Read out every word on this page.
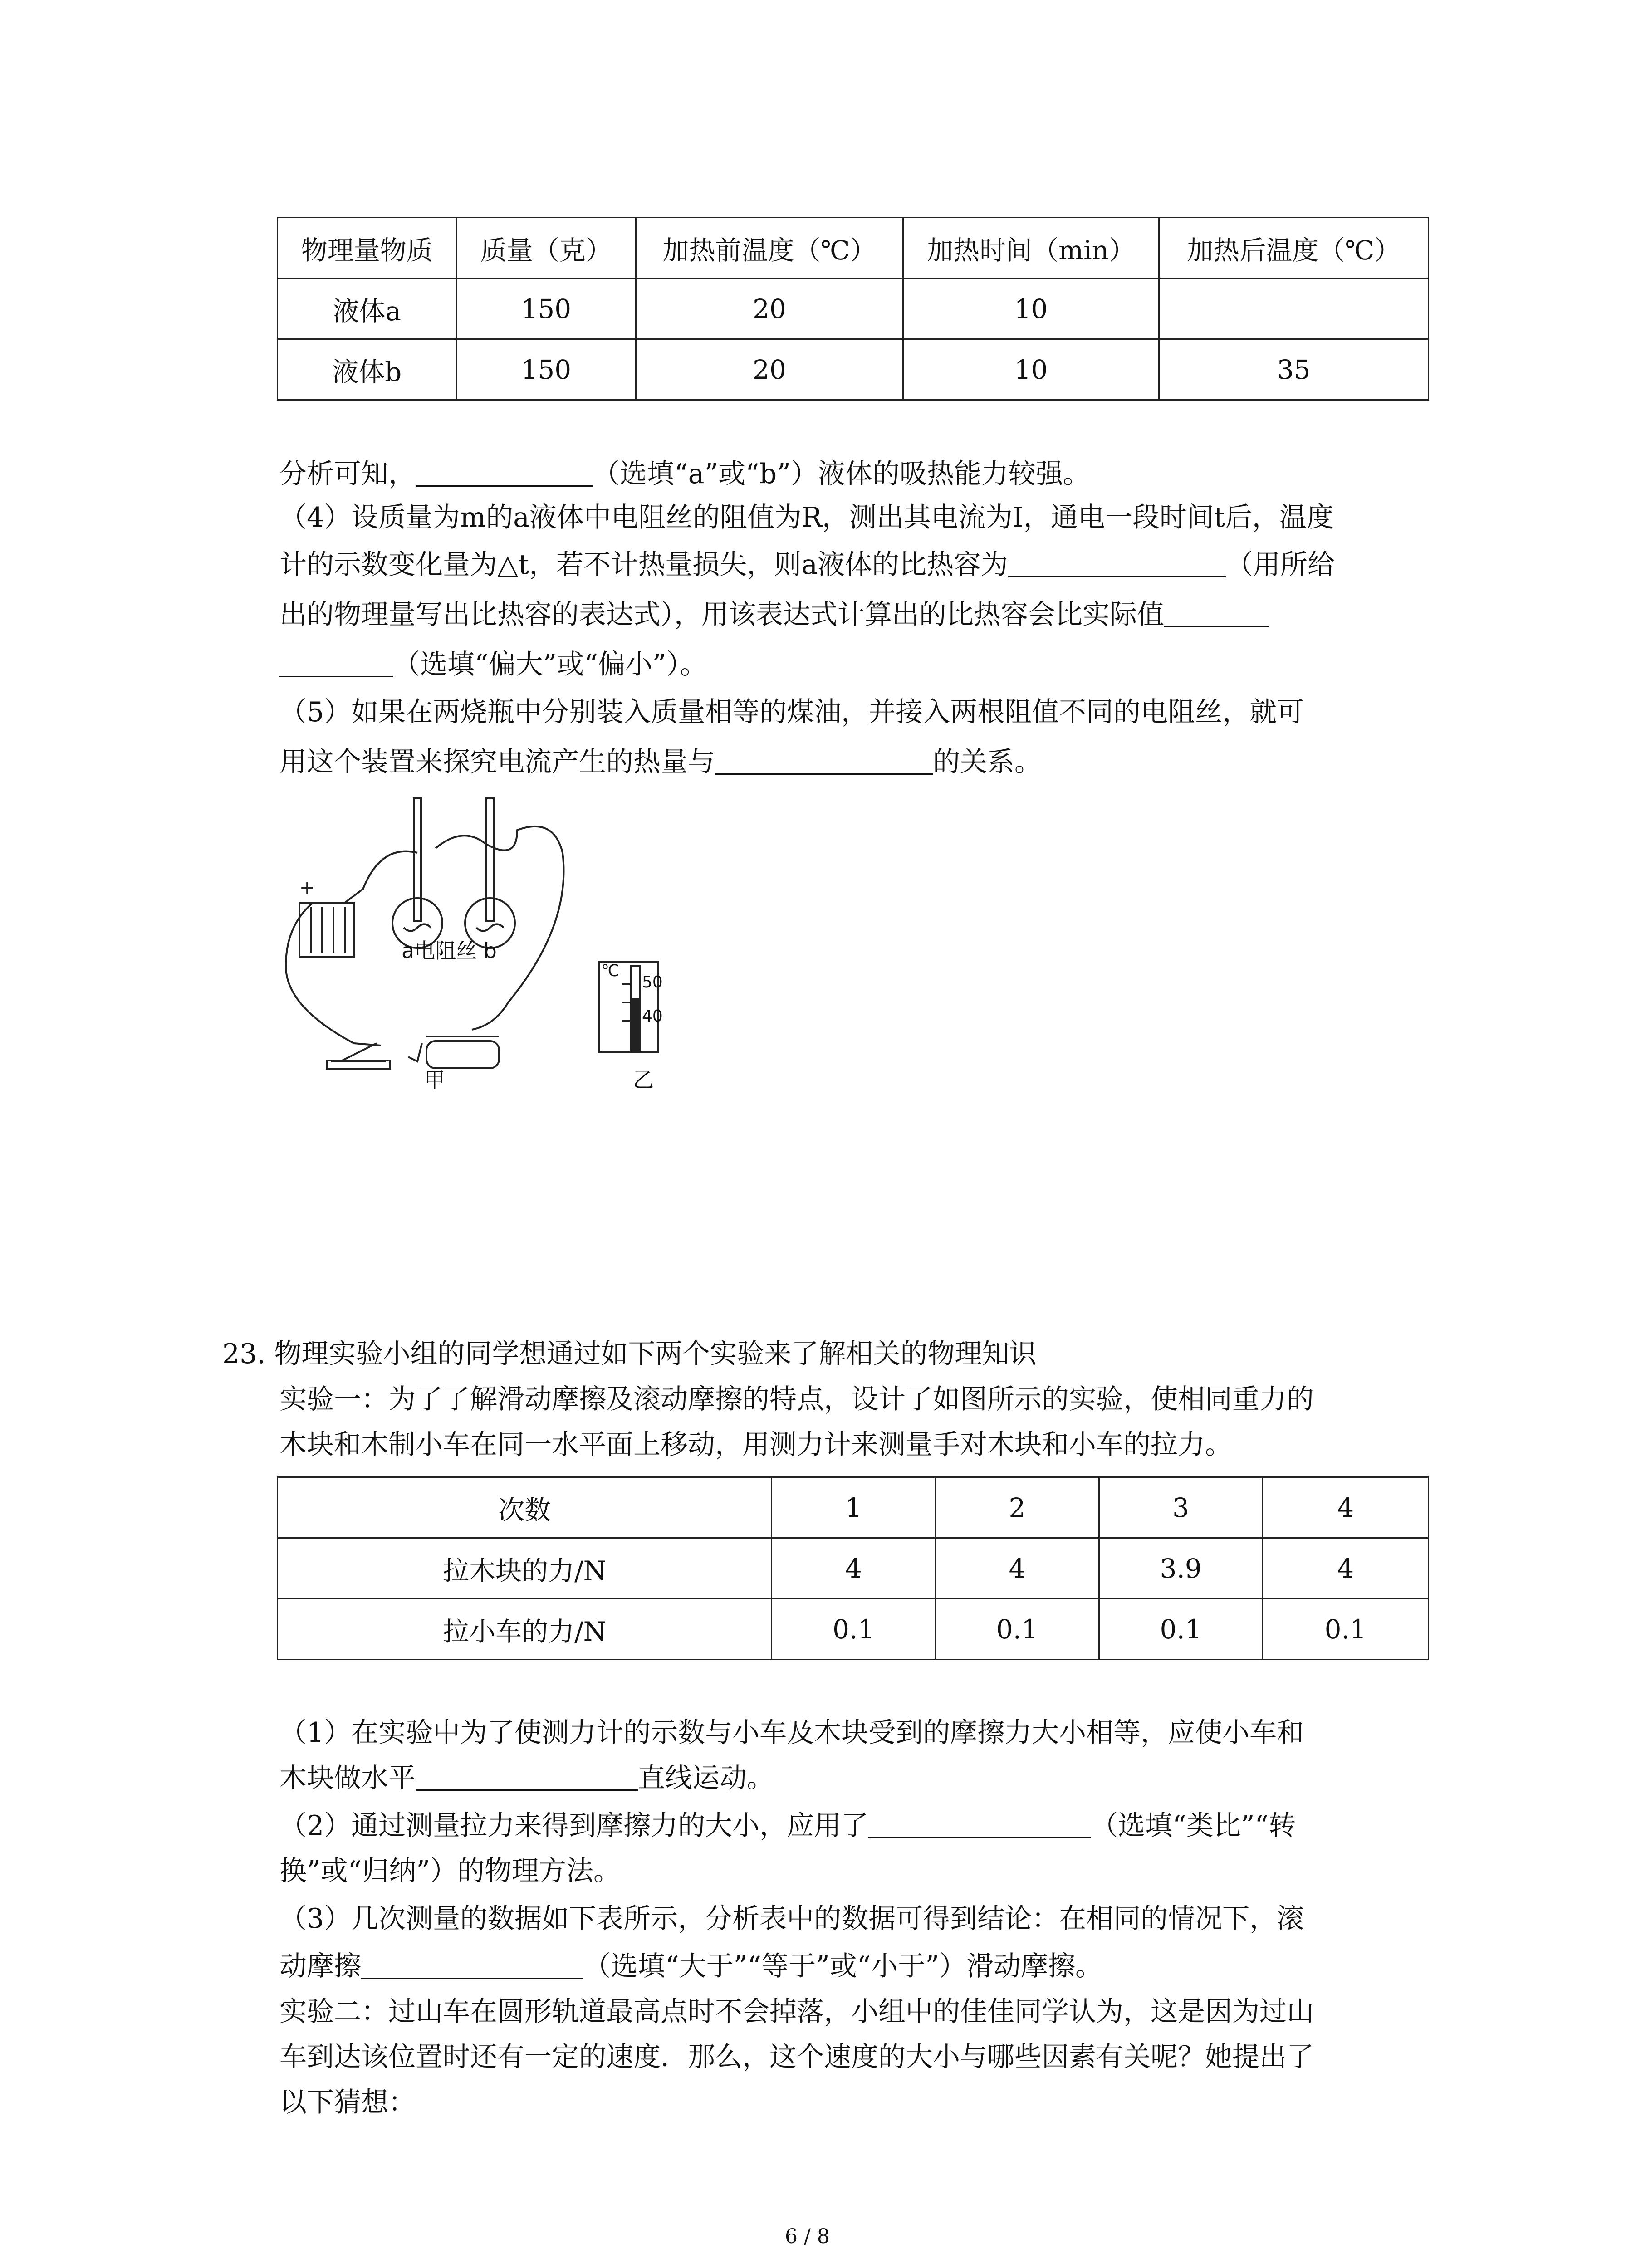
物理量物质	质量（克）	加热前温度（℃）	加热时间（min）	加热后温度（℃）
液体a	150	20	10	
液体b	150	20	10	35
分析可知，	（选填“a”或“b”）液体的吸热能力较强。
（4）设质量为m的a液体中电阻丝的阻值为R，测出其电流为I，通电一段时间t后，温度
计的示数变化量为△t，若不计热量损失，则a液体的比热容为	（用所给
出的物理量写出比热容的表达式），用该表达式计算出的比热容会比实际值
（选填“偏大”或“偏小”）。
（5）如果在两烧瓶中分别装入质量相等的煤油，并接入两根阻值不同的电阻丝，就可
用这个装置来探究电流产生的热量与	的关系。
+
a电阻丝 b
℃
50
40
甲	乙
23. 物理实验小组的同学想通过如下两个实验来了解相关的物理知识
实验一：为了了解滑动摩擦及滚动摩擦的特点，设计了如图所示的实验，使相同重力的
木块和木制小车在同一水平面上移动，用测力计来测量手对木块和小车的拉力。
次数	1	2	3	4
拉木块的力/N	4	4	3.9	4
拉小车的力/N	0.1	0.1	0.1	0.1
（1）在实验中为了使测力计的示数与小车及木块受到的摩擦力大小相等，应使小车和
木块做水平	直线运动。
（2）通过测量拉力来得到摩擦力的大小，应用了	（选填“类比”“转
换”或“归纳”）的物理方法。
（3）几次测量的数据如下表所示，分析表中的数据可得到结论：在相同的情况下，滚
动摩擦	（选填“大于”“等于”或“小于”）滑动摩擦。
实验二：过山车在圆形轨道最高点时不会掉落，小组中的佳佳同学认为，这是因为过山
车到达该位置时还有一定的速度．那么，这个速度的大小与哪些因素有关呢？她提出了
以下猜想：
6 / 8
